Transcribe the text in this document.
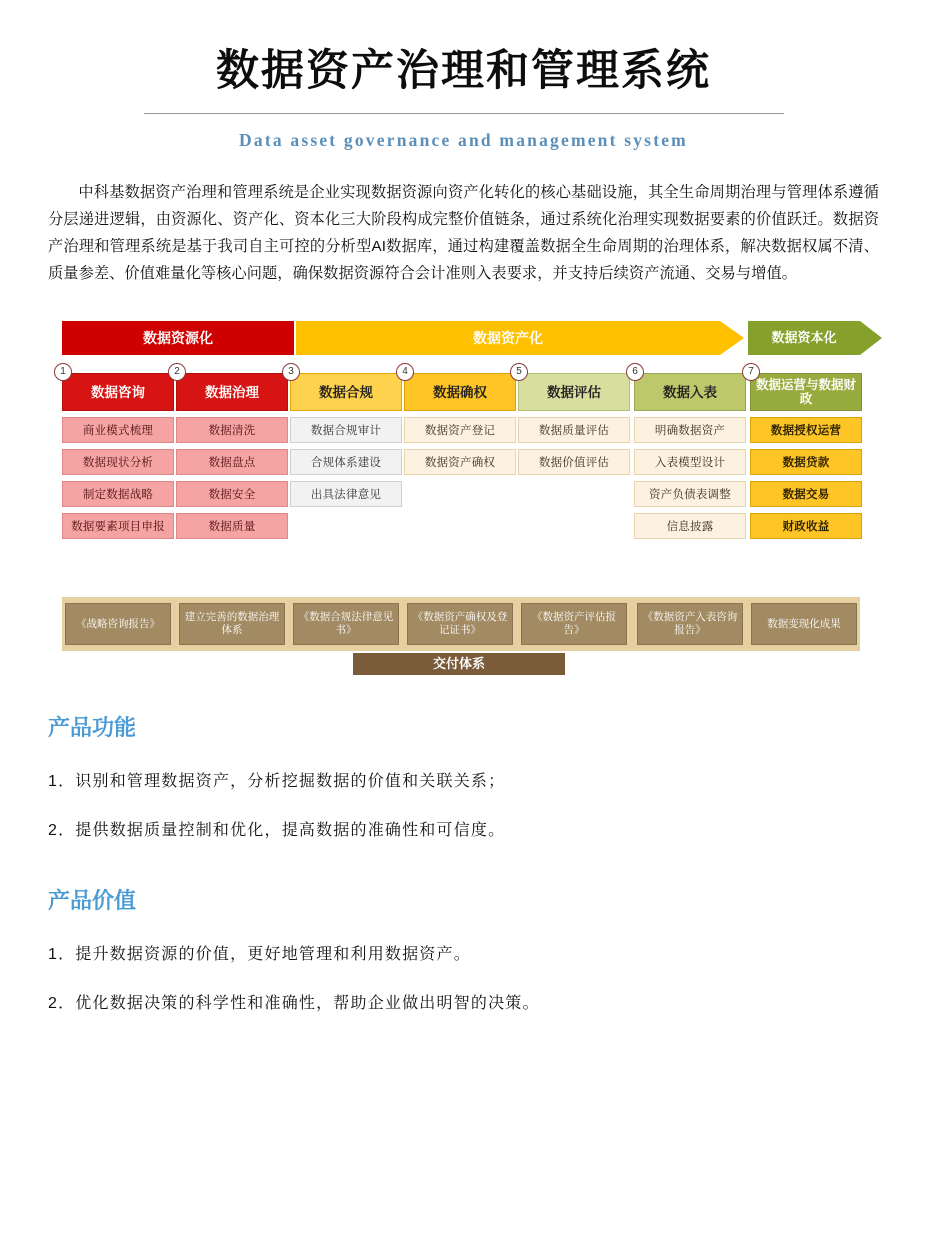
数据资产治理和管理系统
Data asset governance and management system
中科基数据资产治理和管理系统是企业实现数据资源向资产化转化的核心基础设施，其全生命周期治理与管理体系遵循分层递进逻辑，由资源化、资产化、资本化三大阶段构成完整价值链条，通过系统化治理实现数据要素的价值跃迁。数据资产治理和管理系统是基于我司自主可控的分析型AI数据库，通过构建覆盖数据全生命周期的治理体系，解决数据权属不清、质量参差、价值难量化等核心问题，确保数据资源符合会计准则入表要求，并支持后续资产流通、交易与增值。
数据资源化	数据资产化	数据资本化
1
数据咨询
商业模式梳理
数据现状分析
制定数据战略
数据要素项目申报
2
数据治理
数据清洗
数据盘点
数据安全
数据质量
3
数据合规
数据合规审计
合规体系建设
出具法律意见
4
数据确权
数据资产登记
数据资产确权
5
数据评估
数据质量评估
数据价值评估
6
数据入表
明确数据资产
入表模型设计
资产负债表调整
信息披露
7
数据运营与数据财政
数据授权运营
数据贷款
数据交易
财政收益
《战略咨询报告》
建立完善的数据治理体系
《数据合规法律意见书》
《数据资产确权及登记证书》
《数据资产评估报告》
《数据资产入表咨询报告》
数据变现化成果
交付体系
产品功能
1．识别和管理数据资产，分析挖掘数据的价值和关联关系；
2．提供数据质量控制和优化，提高数据的准确性和可信度。
产品价值
1．提升数据资源的价值，更好地管理和利用数据资产。
2．优化数据决策的科学性和准确性，帮助企业做出明智的决策。
